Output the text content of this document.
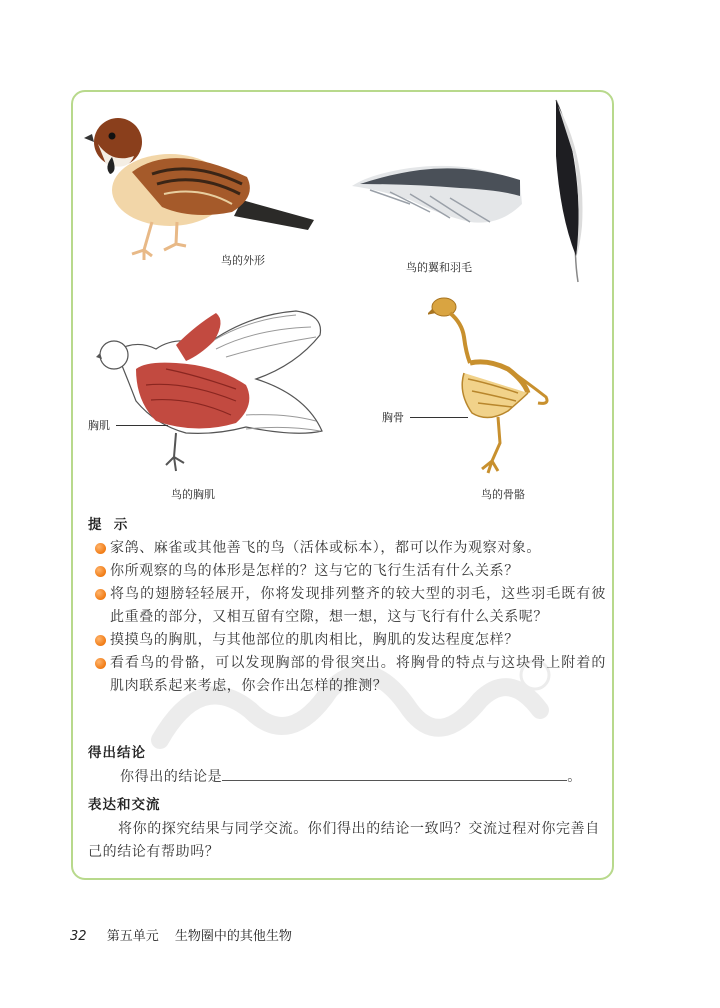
鸟的外形
鸟的翼和羽毛
胸肌
鸟的胸肌
胸骨
鸟的骨骼
提  示
家鸽、麻雀或其他善飞的鸟（活体或标本），都可以作为观察对象。
你所观察的鸟的体形是怎样的？这与它的飞行生活有什么关系？
将鸟的翅膀轻轻展开，你将发现排列整齐的较大型的羽毛，这些羽毛既有彼此重叠的部分，又相互留有空隙，想一想，这与飞行有什么关系呢？
摸摸鸟的胸肌，与其他部位的肌肉相比，胸肌的发达程度怎样？
看看鸟的骨骼，可以发现胸部的骨很突出。将胸骨的特点与这块骨上附着的肌肉联系起来考虑，你会作出怎样的推测？
得出结论
你得出的结论是	。
表达和交流
将你的探究结果与同学交流。你们得出的结论一致吗？交流过程对你完善自己的结论有帮助吗？
32 第五单元 生物圈中的其他生物
